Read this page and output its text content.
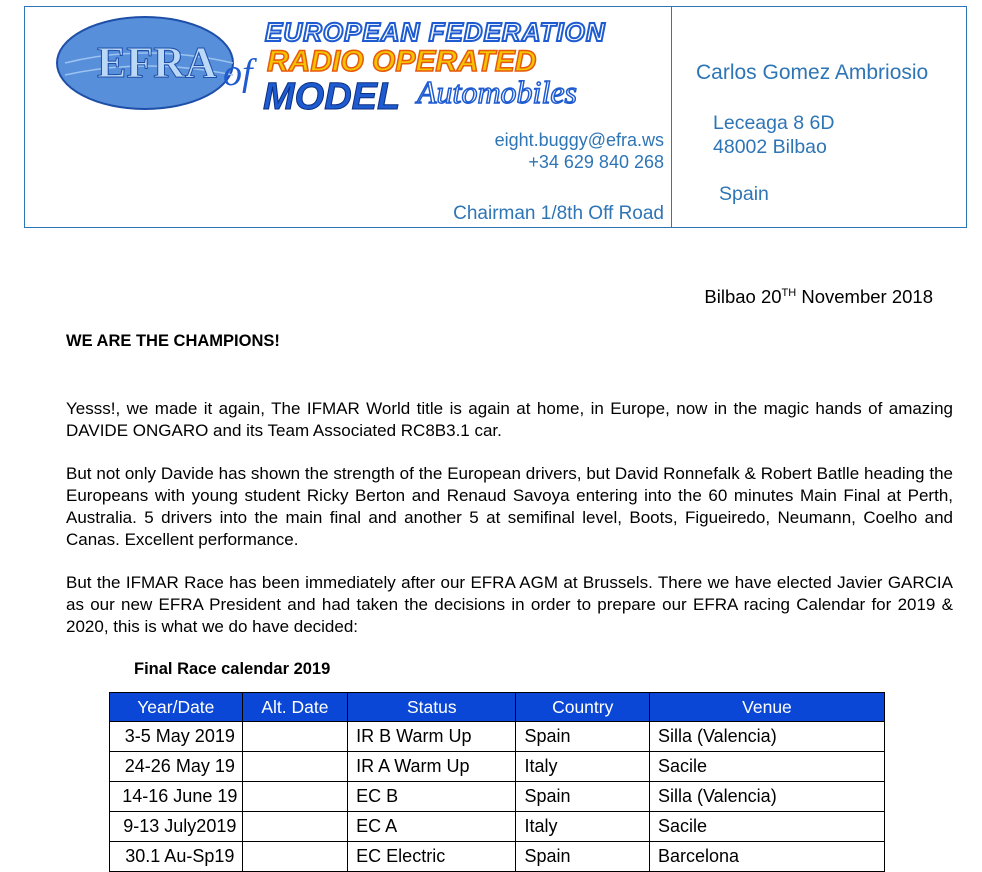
EFRA
EUROPEAN FEDERATION
of RADIO OPERATED
MODEL Automobiles
eight.buggy@efra.ws
+34 629 840 268
Chairman 1/8th Off Road
Carlos Gomez Ambriosio
Leceaga 8 6D
48002 Bilbao
Spain
Bilbao 20TH November 2018
WE ARE THE CHAMPIONS!

Yesss!, we made it again, The IFMAR World title is again at home, in Europe, now in the magic hands of amazing DAVIDE ONGARO and its Team Associated RC8B3.1 car.

But not only Davide has shown the strength of the European drivers, but David Ronnefalk & Robert Batlle heading the Europeans with young student Ricky Berton and Renaud Savoya entering into the 60 minutes Main Final at Perth, Australia. 5 drivers into the main final and another 5 at semifinal level, Boots, Figueiredo, Neumann, Coelho and Canas. Excellent performance.

But the IFMAR Race has been immediately after our EFRA AGM at Brussels. There we have elected Javier GARCIA as our new EFRA President and had taken the decisions in order to prepare our EFRA racing Calendar for 2019 & 2020, this is what we do have decided:

Final Race calendar 2019
Year/Date	Alt. Date	Status	Country	Venue
3-5 May 2019		IR B Warm Up	Spain	Silla (Valencia)
24-26 May 19		IR A Warm Up	Italy	Sacile
14-16 June 19		EC B	Spain	Silla (Valencia)
9-13 July2019		EC A	Italy	Sacile
30.1 Au-Sp19		EC Electric	Spain	Barcelona
